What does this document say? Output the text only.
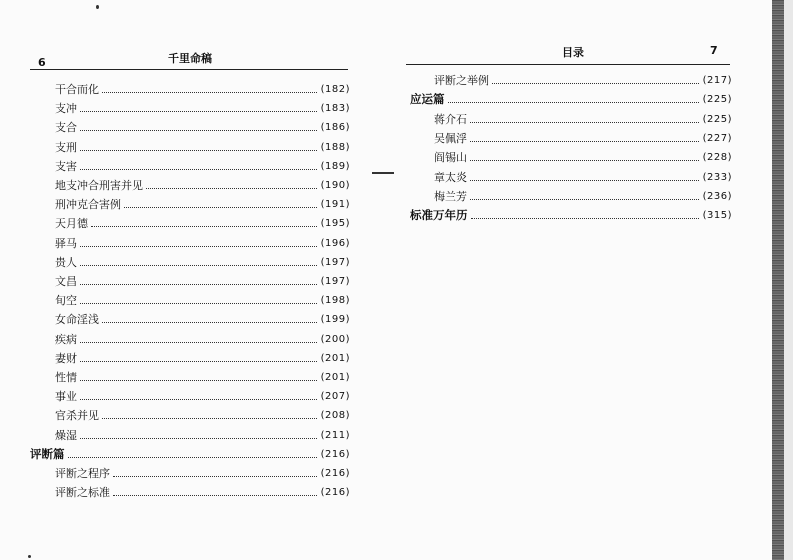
6	千里命稿
干合而化	(182)
支冲	(183)
支合	(186)
支刑	(188)
支害	(189)
地支冲合刑害并见	(190)
刑冲克合害例	(191)
天月德	(195)
驿马	(196)
贵人	(197)
文昌	(197)
旬空	(198)
女命淫浅	(199)
疾病	(200)
妻财	(201)
性情	(201)
事业	(207)
官杀并见	(208)
燥湿	(211)
评断篇	(216)
评断之程序	(216)
评断之标准	(216)
目录	7
评断之举例	(217)
应运篇	(225)
蒋介石	(225)
吴佩浮	(227)
阎锡山	(228)
章太炎	(233)
梅兰芳	(236)
标准万年历	(315)
